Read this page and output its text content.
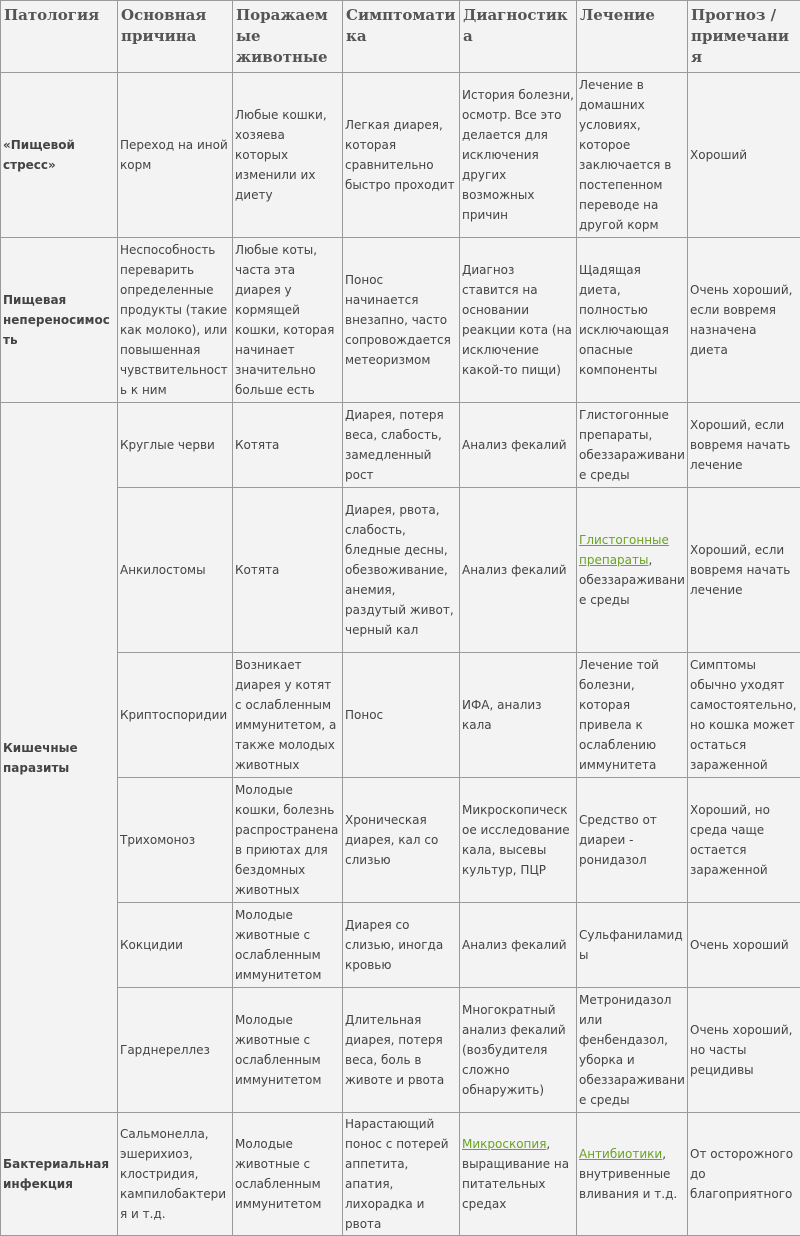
Патология	Основная причина	Поражаемые животные	Симптоматика	Диагностика	Лечение	Прогноз / примечания
«Пищевой стресс»	Переход на иной корм	Любые кошки, хозяева которых изменили их диету	Легкая диарея, которая сравнительно быстро проходит	История болезни, осмотр. Все это делается для исключения других возможных причин	Лечение в домашних условиях, которое заключается в постепенном переводе на другой корм	Хороший
Пищевая непереносимость	Неспособность переварить определенные продукты (такие как молоко), или повышенная чувствительность к ним	Любые коты, часта эта диарея у кормящей кошки, которая начинает значительно больше есть	Понос начинается внезапно, часто сопровождается метеоризмом	Диагноз ставится на основании реакции кота (на исключение какой-то пищи)	Щадящая диета, полностью исключающая опасные компоненты	Очень хороший, если вовремя назначена диета
Кишечные паразиты	Круглые черви	Котята	Диарея, потеря веса, слабость, замедленный рост	Анализ фекалий	Глистогонные препараты, обеззараживание среды	Хороший, если вовремя начать лечение
	Анкилостомы	Котята	Диарея, рвота, слабость, бледные десны, обезвоживание, анемия, раздутый живот, черный кал	Анализ фекалий	Глистогонные препараты, обеззараживание среды	Хороший, если вовремя начать лечение
	Криптоспоридии	Возникает диарея у котят с ослабленным иммунитетом, а также молодых животных	Понос	ИФА, анализ кала	Лечение той болезни, которая привела к ослаблению иммунитета	Симптомы обычно уходят самостоятельно, но кошка может остаться зараженной
	Трихомоноз	Молодые кошки, болезнь распространена в приютах для бездомных животных	Хроническая диарея, кал со слизью	Микроскопическое исследование кала, высевы культур, ПЦР	Средство от диареи - ронидазол	Хороший, но среда чаще остается зараженной
	Кокцидии	Молодые животные с ослабленным иммунитетом	Диарея со слизью, иногда кровью	Анализ фекалий	Сульфаниламиды	Очень хороший
	Гарднереллез	Молодые животные с ослабленным иммунитетом	Длительная диарея, потеря веса, боль в животе и рвота	Многократный анализ фекалий (возбудителя сложно обнаружить)	Метронидазол или фенбендазол, уборка и обеззараживание среды	Очень хороший, но часты рецидивы
Бактериальная инфекция	Сальмонелла, эшерихиоз, клостридия, кампилобактерия и т.д.	Молодые животные с ослабленным иммунитетом	Нарастающий понос с потерей аппетита, апатия, лихорадка и рвота	Микроскопия, выращивание на питательных средах	Антибиотики, внутривенные вливания и т.д.	От осторожного до благоприятного
